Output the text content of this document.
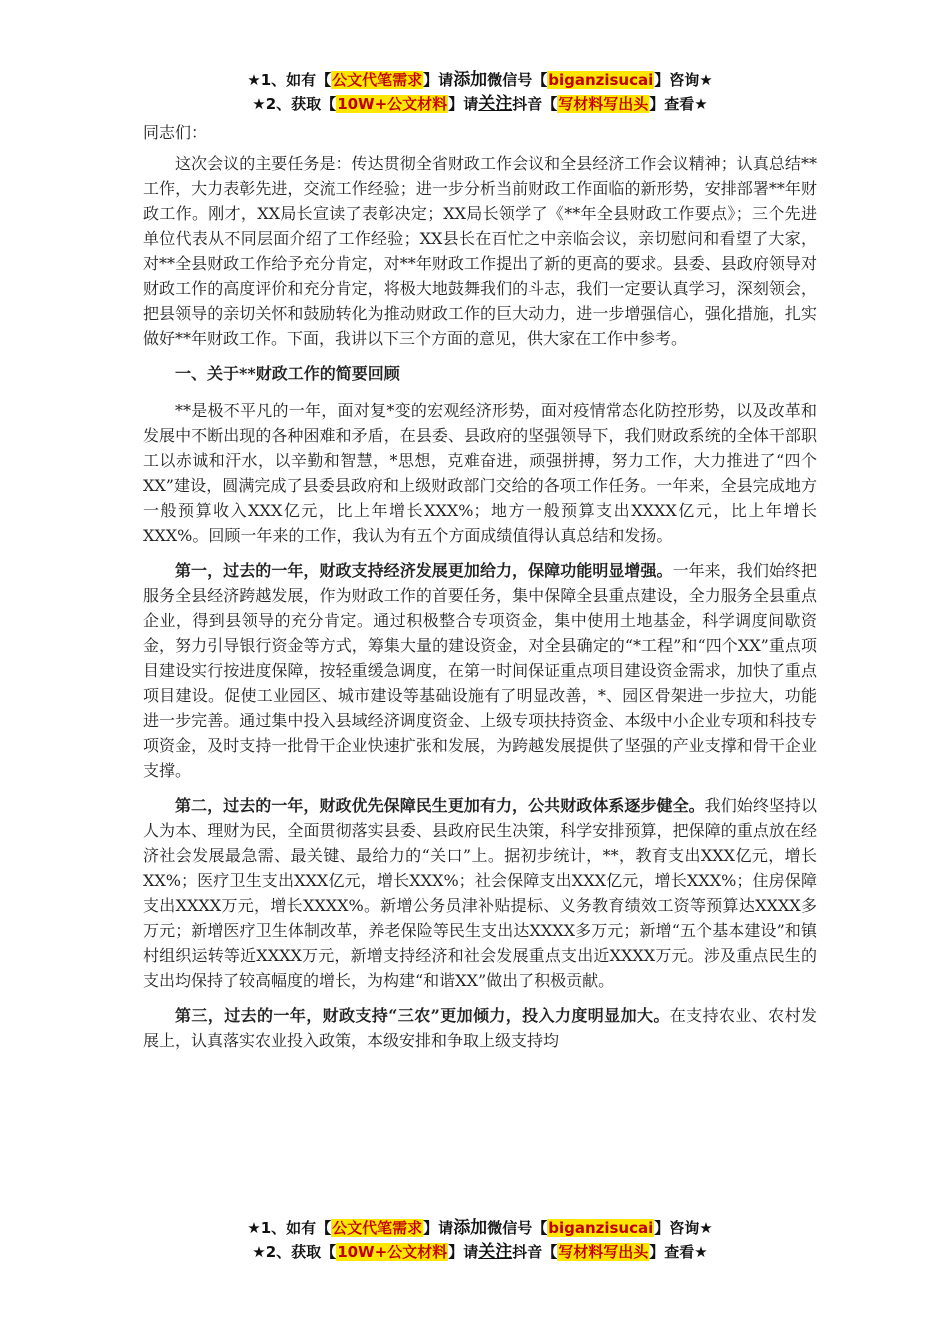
★1、如有【公文代笔需求】请添加微信号【biganzisucai】咨询★
★2、获取【10W+公文材料】请关注抖音【写材料写出头】查看★

同志们：

这次会议的主要任务是：传达贯彻全省财政工作会议和全县经济工作会议精神；认真总结**工作，大力表彰先进，交流工作经验；进一步分析当前财政工作面临的新形势，安排部署**年财政工作。刚才，XX局长宣读了表彰决定；XX局长领学了《**年全县财政工作要点》；三个先进单位代表从不同层面介绍了工作经验；XX县长在百忙之中亲临会议，亲切慰问和看望了大家，对**全县财政工作给予充分肯定，对**年财政工作提出了新的更高的要求。县委、县政府领导对财政工作的高度评价和充分肯定，将极大地鼓舞我们的斗志，我们一定要认真学习，深刻领会，把县领导的亲切关怀和鼓励转化为推动财政工作的巨大动力，进一步增强信心，强化措施，扎实做好**年财政工作。下面，我讲以下三个方面的意见，供大家在工作中参考。

一、关于**财政工作的简要回顾

**是极不平凡的一年，面对复*变的宏观经济形势，面对疫情常态化防控形势，以及改革和发展中不断出现的各种困难和矛盾，在县委、县政府的坚强领导下，我们财政系统的全体干部职工以赤诚和汗水，以辛勤和智慧，*思想，克难奋进，顽强拼搏，努力工作，大力推进了“四个XX”建设，圆满完成了县委县政府和上级财政部门交给的各项工作任务。一年来，全县完成地方一般预算收入XXX亿元，比上年增长XXX%；地方一般预算支出XXXX亿元，比上年增长XXX%。回顾一年来的工作，我认为有五个方面成绩值得认真总结和发扬。

第一，过去的一年，财政支持经济发展更加给力，保障功能明显增强。一年来，我们始终把服务全县经济跨越发展，作为财政工作的首要任务，集中保障全县重点建设，全力服务全县重点企业，得到县领导的充分肯定。通过积极整合专项资金，集中使用土地基金，科学调度间歇资金，努力引导银行资金等方式，筹集大量的建设资金，对全县确定的“*工程”和“四个XX”重点项目建设实行按进度保障，按轻重缓急调度，在第一时间保证重点项目建设资金需求，加快了重点项目建设。促使工业园区、城市建设等基础设施有了明显改善，*、园区骨架进一步拉大，功能进一步完善。通过集中投入县域经济调度资金、上级专项扶持资金、本级中小企业专项和科技专项资金，及时支持一批骨干企业快速扩张和发展，为跨越发展提供了坚强的产业支撑和骨干企业支撑。

第二，过去的一年，财政优先保障民生更加有力，公共财政体系逐步健全。我们始终坚持以人为本、理财为民，全面贯彻落实县委、县政府民生决策，科学安排预算，把保障的重点放在经济社会发展最急需、最关键、最给力的“关口”上。据初步统计，**，教育支出XXX亿元，增长XX%；医疗卫生支出XXX亿元，增长XXX%；社会保障支出XXX亿元，增长XXX%；住房保障支出XXXX万元，增长XXXX%。新增公务员津补贴提标、义务教育绩效工资等预算达XXXX多万元；新增医疗卫生体制改革，养老保险等民生支出达XXXX多万元；新增“五个基本建设”和镇村组织运转等近XXXX万元，新增支持经济和社会发展重点支出近XXXX万元。涉及重点民生的支出均保持了较高幅度的增长，为构建“和谐XX”做出了积极贡献。

第三，过去的一年，财政支持“三农”更加倾力，投入力度明显加大。在支持农业、农村发展上，认真落实农业投入政策，本级安排和争取上级支持均

★1、如有【公文代笔需求】请添加微信号【biganzisucai】咨询★
★2、获取【10W+公文材料】请关注抖音【写材料写出头】查看★
